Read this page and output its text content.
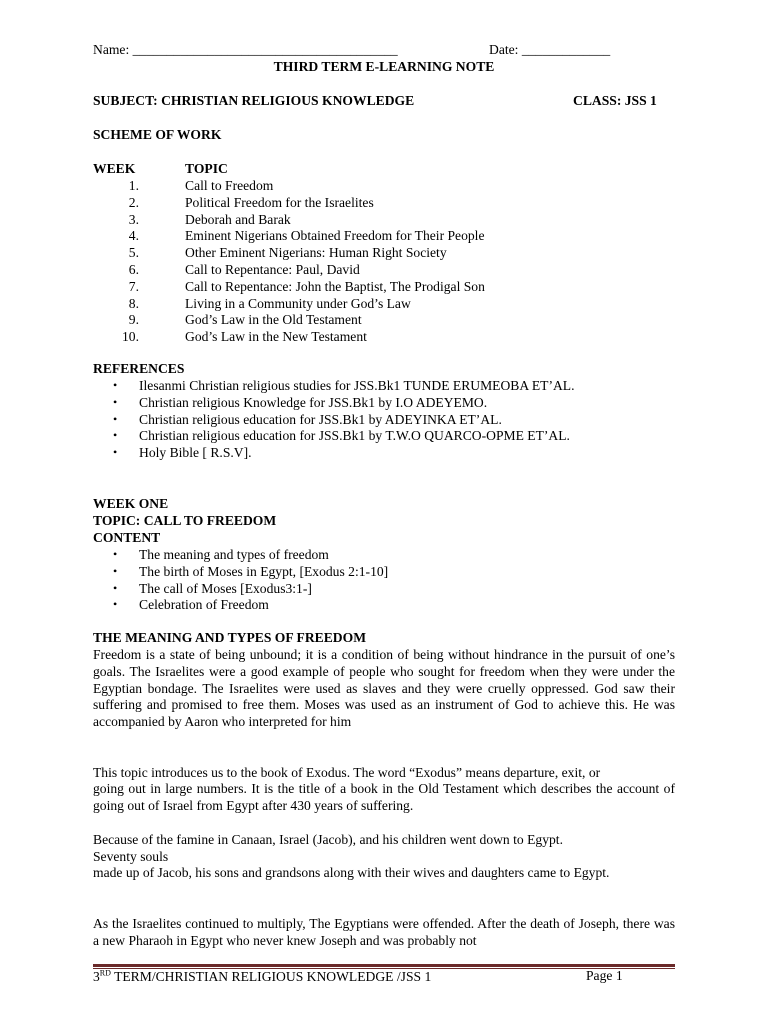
Name: _______________________________________	Date: _____________
THIRD TERM E-LEARNING NOTE
SUBJECT: CHRISTIAN RELIGIOUS KNOWLEDGE	CLASS: JSS 1
SCHEME OF WORK
WEEK	TOPIC
1.	Call to Freedom
2.	Political Freedom for the Israelites
3.	Deborah and Barak
4.	Eminent Nigerians Obtained Freedom for Their People
5.	Other Eminent Nigerians: Human Right Society
6.	Call to Repentance: Paul, David
7.	Call to Repentance: John the Baptist, The Prodigal Son
8.	Living in a Community under God’s Law
9.	God’s Law in the Old Testament
10.	God’s Law in the New Testament
REFERENCES
• Ilesanmi Christian religious studies for JSS.Bk1 TUNDE ERUMEOBA ET’AL.
• Christian religious Knowledge for JSS.Bk1 by I.O ADEYEMO.
• Christian religious education for JSS.Bk1 by ADEYINKA ET’AL.
• Christian religious education for JSS.Bk1 by T.W.O QUARCO-OPME ET’AL.
• Holy Bible [ R.S.V].
WEEK ONE
TOPIC: CALL TO FREEDOM
CONTENT
• The meaning and types of freedom
• The birth of Moses in Egypt, [Exodus 2:1-10]
• The call of Moses [Exodus3:1-]
• Celebration of Freedom
THE MEANING AND TYPES OF FREEDOM
Freedom is a state of being unbound; it is a condition of being without hindrance in the pursuit of one’s goals. The Israelites were a good example of people who sought for freedom when they were under the Egyptian bondage. The Israelites were used as slaves and they were cruelly oppressed. God saw their suffering and promised to free them. Moses was used as an instrument of God to achieve this. He was accompanied by Aaron who interpreted for him
This topic introduces us to the book of Exodus. The word “Exodus” means departure, exit, or
going out in large numbers. It is the title of a book in the Old Testament which describes the account of going out of Israel from Egypt after 430 years of suffering.
Because of the famine in Canaan, Israel (Jacob), and his children went down to Egypt.
Seventy souls
made up of Jacob, his sons and grandsons along with their wives and daughters came to Egypt.
As the Israelites continued to multiply, The Egyptians were offended. After the death of Joseph, there was a new Pharaoh in Egypt who never knew Joseph and was probably not
3RD TERM/CHRISTIAN RELIGIOUS KNOWLEDGE /JSS 1	Page 1
